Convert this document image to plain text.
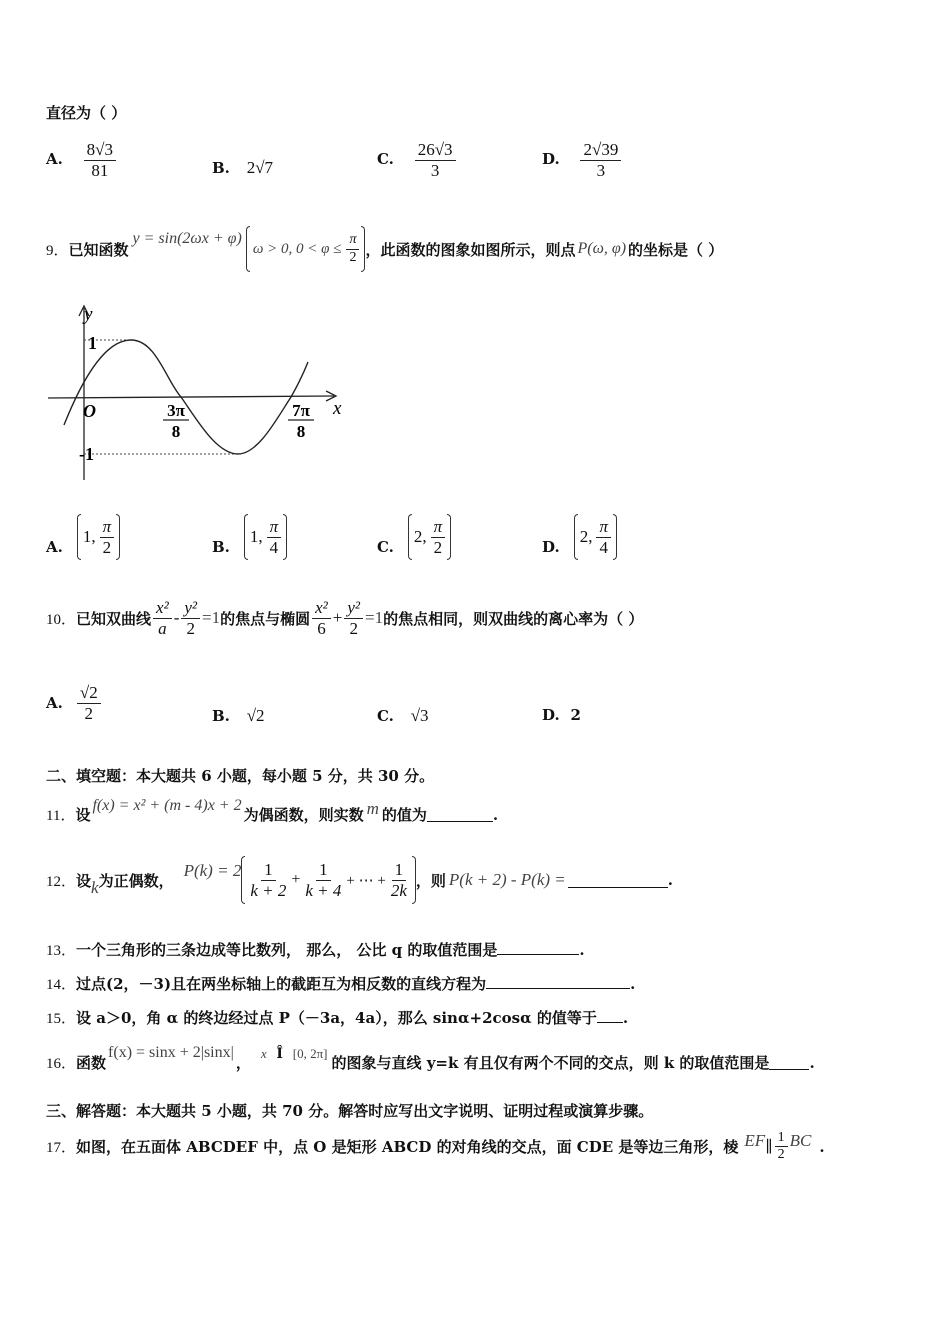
直径为（ ）
A. $\frac{8√3}{81}$	B. 2√7	C. $\frac{26√3}{3}$	D. $\frac{2√39}{3}$
9． 已知函数
y = sin(2ωx + φ)
ω > 0, $0 < \varphi \le \frac{\pi}{2}$ ，此函数的图象如图所示，则点 P(ω, φ) 的坐标是（ ）
y
x
O
1
-1
3π
8
7π
8
A.
1, $\frac{\pi}{2}$	B.
1, $\frac{\pi}{4}$	C.
2, $\frac{\pi}{2}$	D.
2, $\frac{\pi}{4}$
10． 已知双曲线 $\frac{\text{x²}}{a} - \frac{\text{y²}}{2} =1$ 的焦点与椭圆 $\frac{\text{x²}}{6} + \frac{\text{y²}}{2} =1$ 的焦点相同，则双曲线的离心率为（ ）
A. $\frac{√2}{2}$	B. √2	C. √3	D. 2
二、填空题：本大题共 6 小题，每小题 5 分，共 30 分。
11． 设
f(x) = x² + (m - 4)x + 2
为偶函数，则实数 m 的值为	.
12． 设 k 为正偶数，
$P(k) = 2 \frac{1}{k + 2} + \frac{1}{k + 4}$ + ⋯ + $\frac{1}{2k}$ ，则 P(k + 2) - P(k) =	.
13．一个三角形的三条边成等比数列， 那么， 公比 q 的取值范围是	.
14．过点(2，－3)且在两坐标轴上的截距互为相反数的直线方程为	.
15．设 a＞0，角 α 的终边经过点 P（－3a，4a），那么 sinα+2cosα 的值等于 .
16． 函数
f(x) = sinx + 2|sinx|
，
x Î [0, 2π]
的图象与直线 y=k 有且仅有两个不同的交点，则 k 的取值范围是	.
三、解答题：本大题共 5 小题，共 70 分。解答时应写出文字说明、证明过程或演算步骤。
17． 如图，在五面体 ABCDEF 中，点 O 是矩形 ABCD 的对角线的交点，面 CDE 是等边三角形，棱 EF ∥ $\frac{1}{2}$ BC .
